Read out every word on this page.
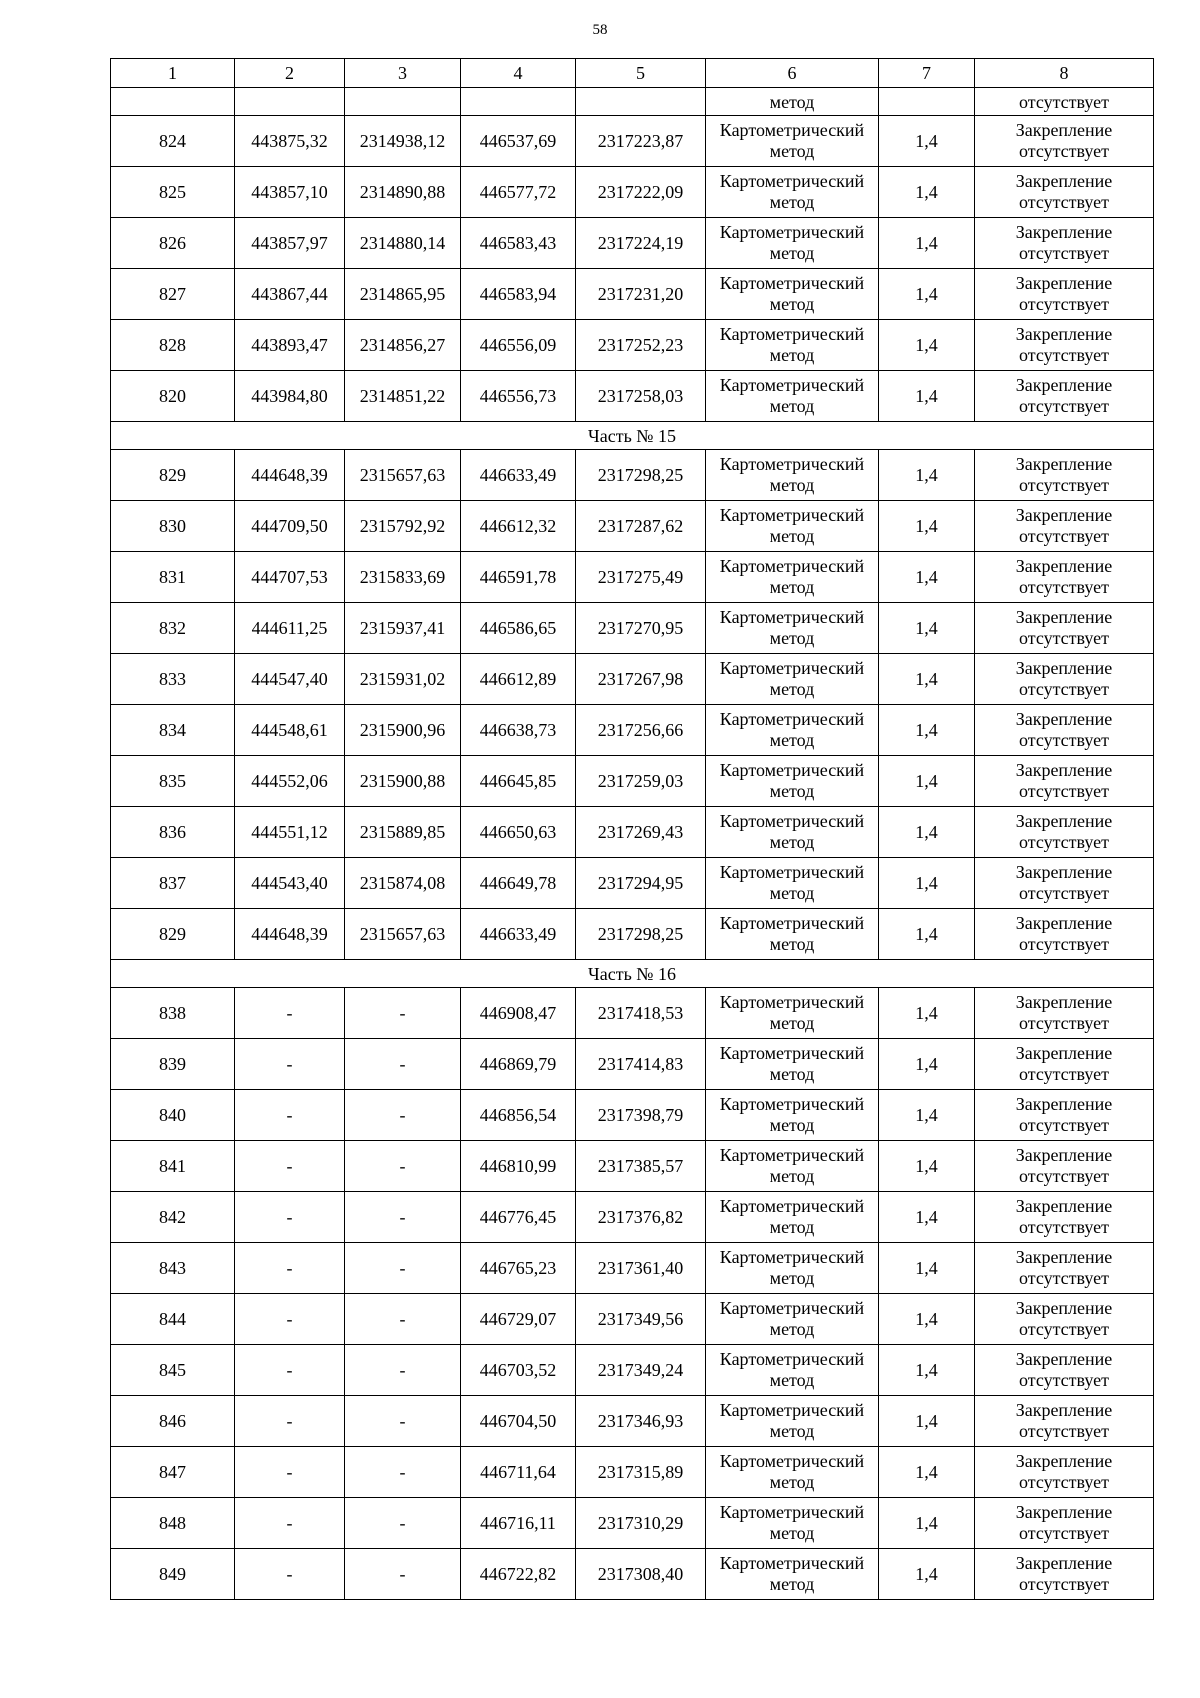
58
1	2	3	4	5	6	7	8
					метод		отсутствует
824	443875,32	2314938,12	446537,69	2317223,87	Картометрический
метод	1,4	Закрепление
отсутствует

825	443857,10	2314890,88	446577,72	2317222,09	Картометрический
метод	1,4	Закрепление
отсутствует

826	443857,97	2314880,14	446583,43	2317224,19	Картометрический
метод	1,4	Закрепление
отсутствует

827	443867,44	2314865,95	446583,94	2317231,20	Картометрический
метод	1,4	Закрепление
отсутствует

828	443893,47	2314856,27	446556,09	2317252,23	Картометрический
метод	1,4	Закрепление
отсутствует

820	443984,80	2314851,22	446556,73	2317258,03	Картометрический
метод	1,4	Закрепление
отсутствует

Часть № 15							
829	444648,39	2315657,63	446633,49	2317298,25	Картометрический
метод	1,4	Закрепление
отсутствует

830	444709,50	2315792,92	446612,32	2317287,62	Картометрический
метод	1,4	Закрепление
отсутствует

831	444707,53	2315833,69	446591,78	2317275,49	Картометрический
метод	1,4	Закрепление
отсутствует

832	444611,25	2315937,41	446586,65	2317270,95	Картометрический
метод	1,4	Закрепление
отсутствует

833	444547,40	2315931,02	446612,89	2317267,98	Картометрический
метод	1,4	Закрепление
отсутствует

834	444548,61	2315900,96	446638,73	2317256,66	Картометрический
метод	1,4	Закрепление
отсутствует

835	444552,06	2315900,88	446645,85	2317259,03	Картометрический
метод	1,4	Закрепление
отсутствует

836	444551,12	2315889,85	446650,63	2317269,43	Картометрический
метод	1,4	Закрепление
отсутствует

837	444543,40	2315874,08	446649,78	2317294,95	Картометрический
метод	1,4	Закрепление
отсутствует

829	444648,39	2315657,63	446633,49	2317298,25	Картометрический
метод	1,4	Закрепление
отсутствует

Часть № 16							
838	-	-	446908,47	2317418,53	Картометрический
метод	1,4	Закрепление
отсутствует

839	-	-	446869,79	2317414,83	Картометрический
метод	1,4	Закрепление
отсутствует

840	-	-	446856,54	2317398,79	Картометрический
метод	1,4	Закрепление
отсутствует

841	-	-	446810,99	2317385,57	Картометрический
метод	1,4	Закрепление
отсутствует

842	-	-	446776,45	2317376,82	Картометрический
метод	1,4	Закрепление
отсутствует

843	-	-	446765,23	2317361,40	Картометрический
метод	1,4	Закрепление
отсутствует

844	-	-	446729,07	2317349,56	Картометрический
метод	1,4	Закрепление
отсутствует

845	-	-	446703,52	2317349,24	Картометрический
метод	1,4	Закрепление
отсутствует

846	-	-	446704,50	2317346,93	Картометрический
метод	1,4	Закрепление
отсутствует

847	-	-	446711,64	2317315,89	Картометрический
метод	1,4	Закрепление
отсутствует

848	-	-	446716,11	2317310,29	Картометрический
метод	1,4	Закрепление
отсутствует

849	-	-	446722,82	2317308,40	Картометрический
метод	1,4	Закрепление
отсутствует
